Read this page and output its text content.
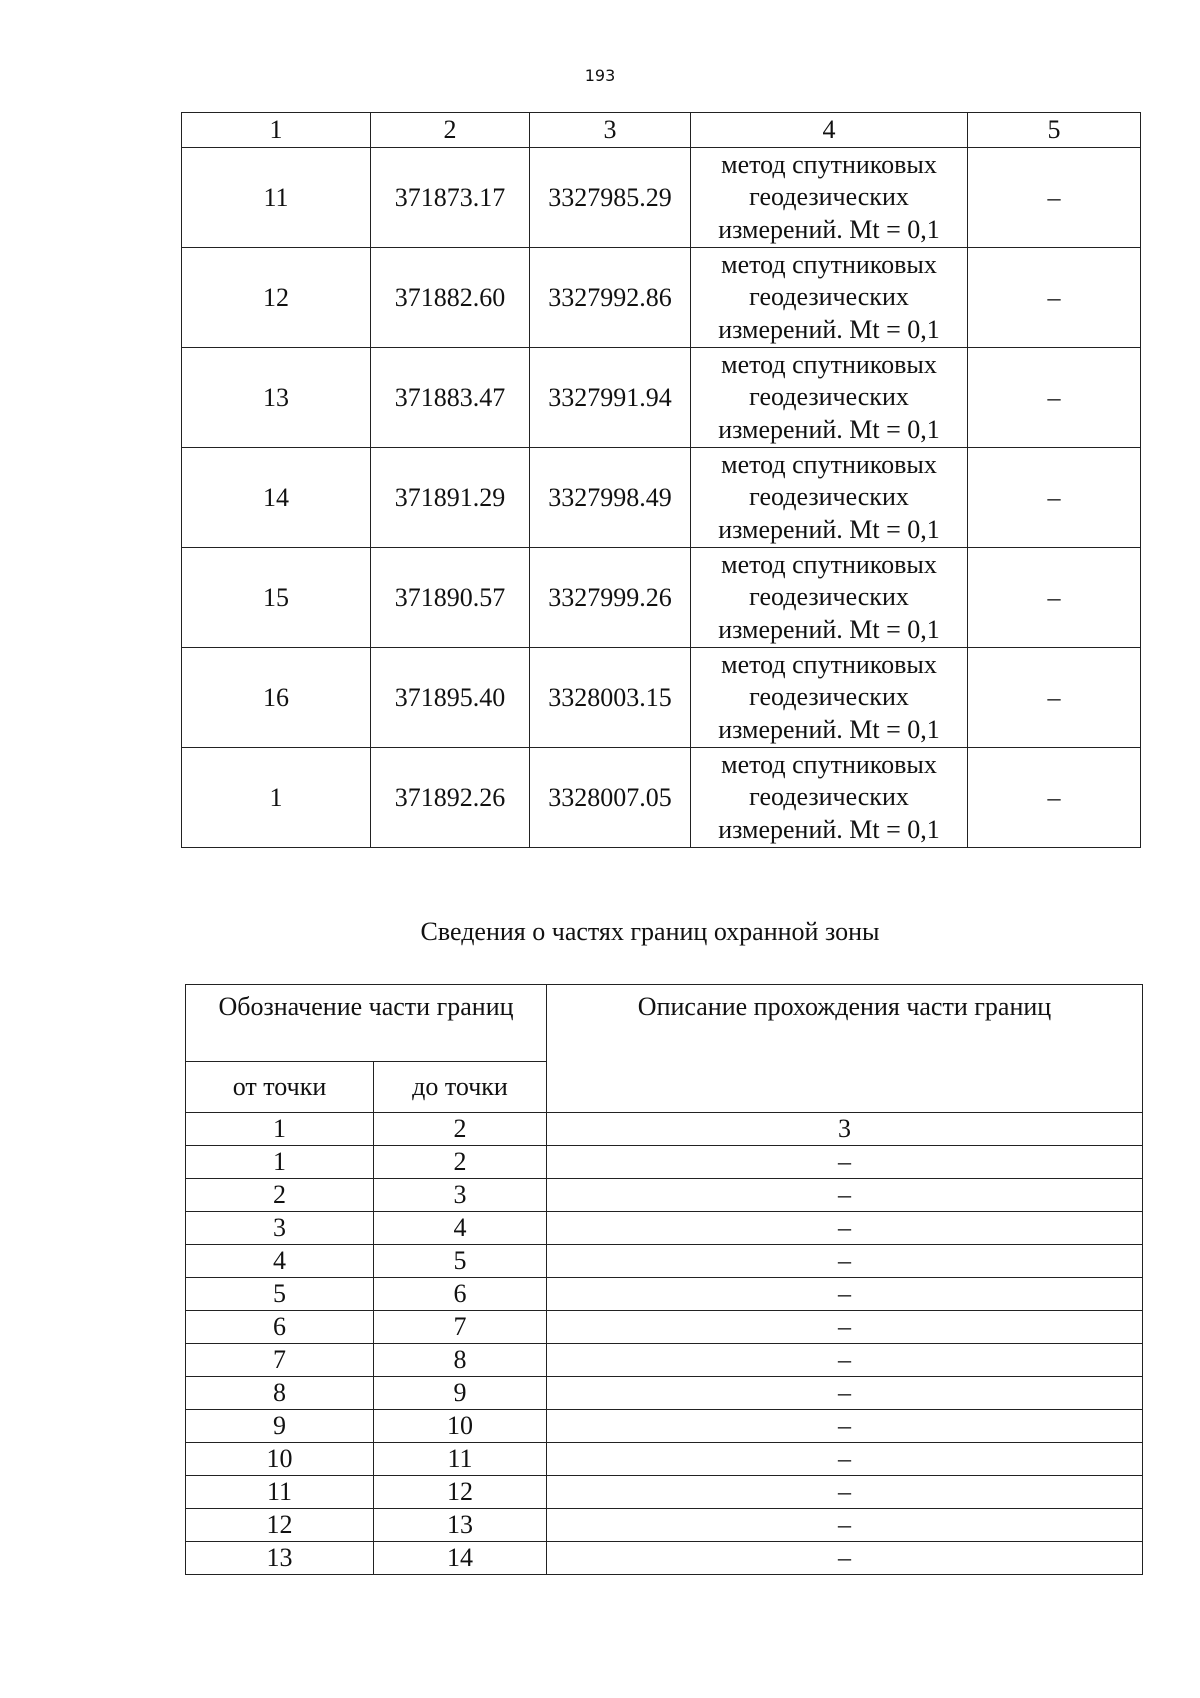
193
1	2	3	4	5
11	371873.17	3327985.29	метод спутниковых
геодезических
измерений. Mt = 0,1	–
12	371882.60	3327992.86	метод спутниковых
геодезических
измерений. Mt = 0,1	–
13	371883.47	3327991.94	метод спутниковых
геодезических
измерений. Mt = 0,1	–
14	371891.29	3327998.49	метод спутниковых
геодезических
измерений. Mt = 0,1	–
15	371890.57	3327999.26	метод спутниковых
геодезических
измерений. Mt = 0,1	–
16	371895.40	3328003.15	метод спутниковых
геодезических
измерений. Mt = 0,1	–
1	371892.26	3328007.05	метод спутниковых
геодезических
измерений. Mt = 0,1	–
Сведения о частях границ охранной зоны
Обозначение части границ		Описание прохождения части границ
от точки	до точки	
1	2	3
1	2	–
2	3	–
3	4	–
4	5	–
5	6	–
6	7	–
7	8	–
8	9	–
9	10	–
10	11	–
11	12	–
12	13	–
13	14	–
